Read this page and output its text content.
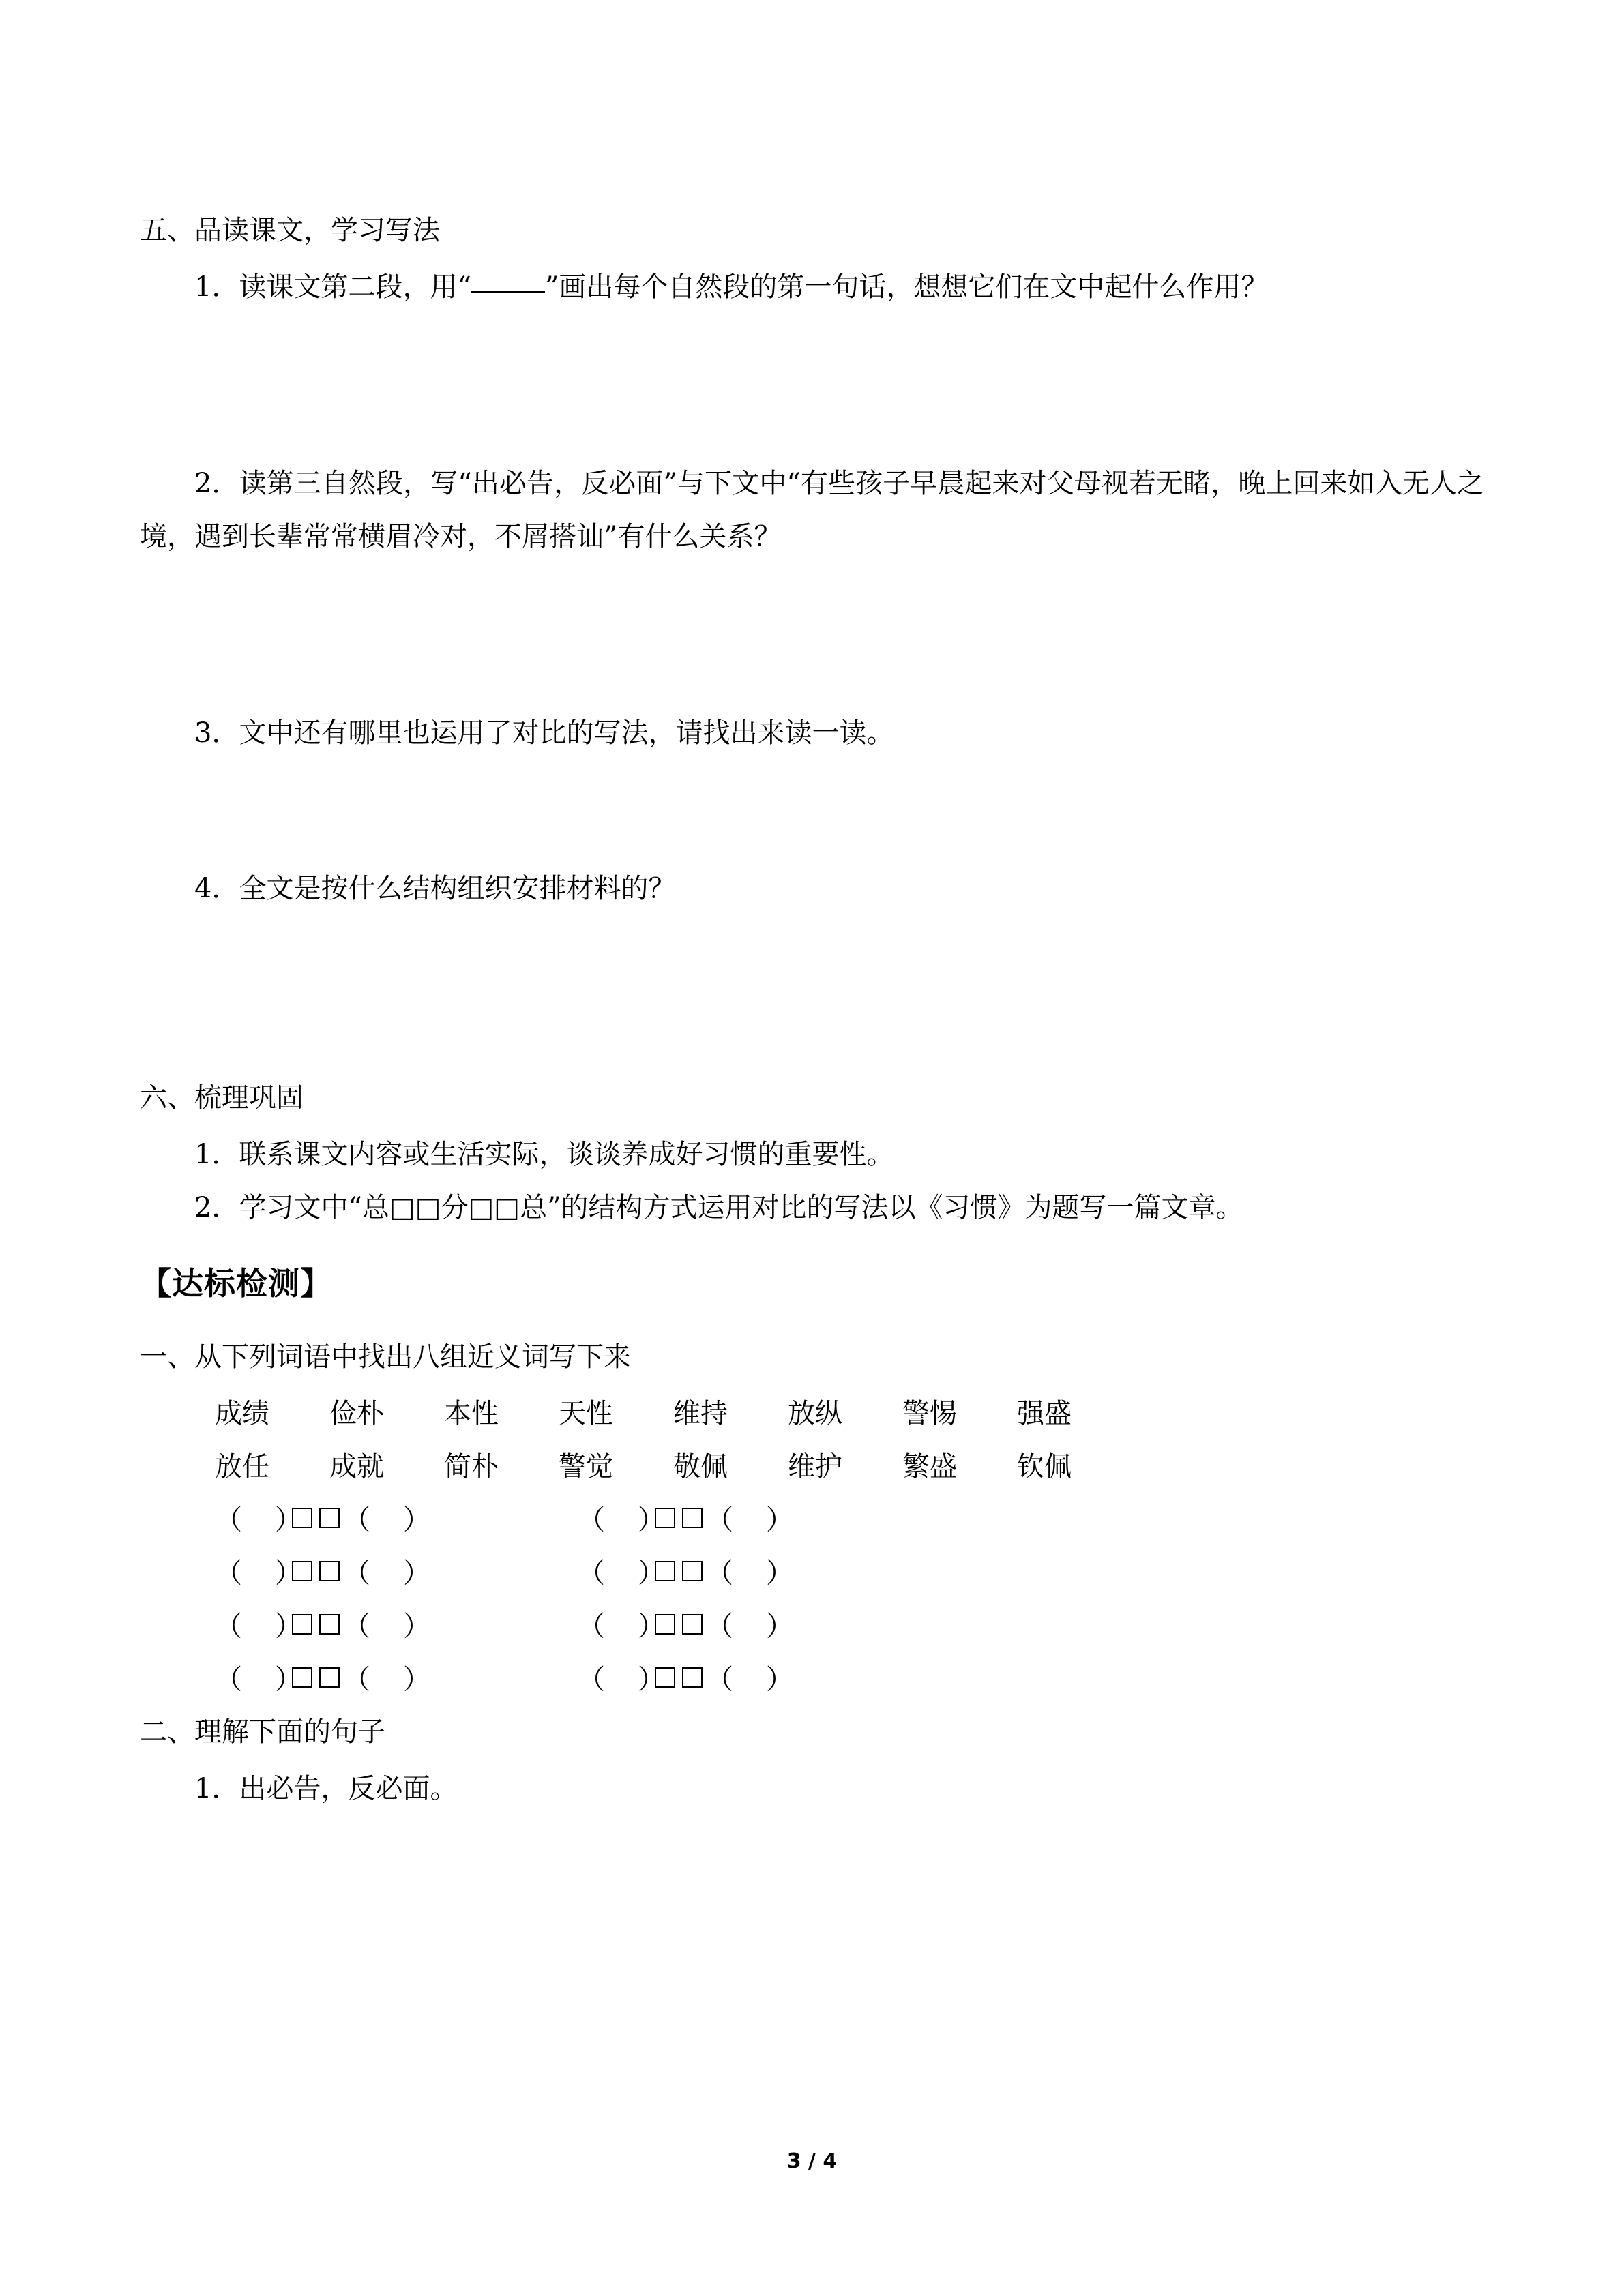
五、品读课文，学习写法

1．读课文第二段，用“	”画出每个自然段的第一句话，想想它们在文中起什么作用？

2．读第三自然段，写“出必告，反必面”与下文中“有些孩子早晨起来对父母视若无睹，晚上回来如入无人之境，遇到长辈常常横眉冷对，不屑搭讪”有什么关系？

3．文中还有哪里也运用了对比的写法，请找出来读一读。

4．全文是按什么结构组织安排材料的？

六、梳理巩固

1．联系课文内容或生活实际，谈谈养成好习惯的重要性。

2．学习文中“总□□分□□总”的结构方式运用对比的写法以《习惯》为题写一篇文章。

【达标检测】

一、从下列词语中找出八组近义词写下来

成绩 俭朴 本性 天性 维持 放纵 警惕 强盛

放任 成就 简朴 警觉 敬佩 维护 繁盛 钦佩

（ ） （ ）	（ ） （ ）

（ ） （ ）	（ ） （ ）

（ ） （ ）	（ ） （ ）

（ ） （ ）	（ ） （ ）

二、理解下面的句子

1．出必告，反必面。

3 / 4
